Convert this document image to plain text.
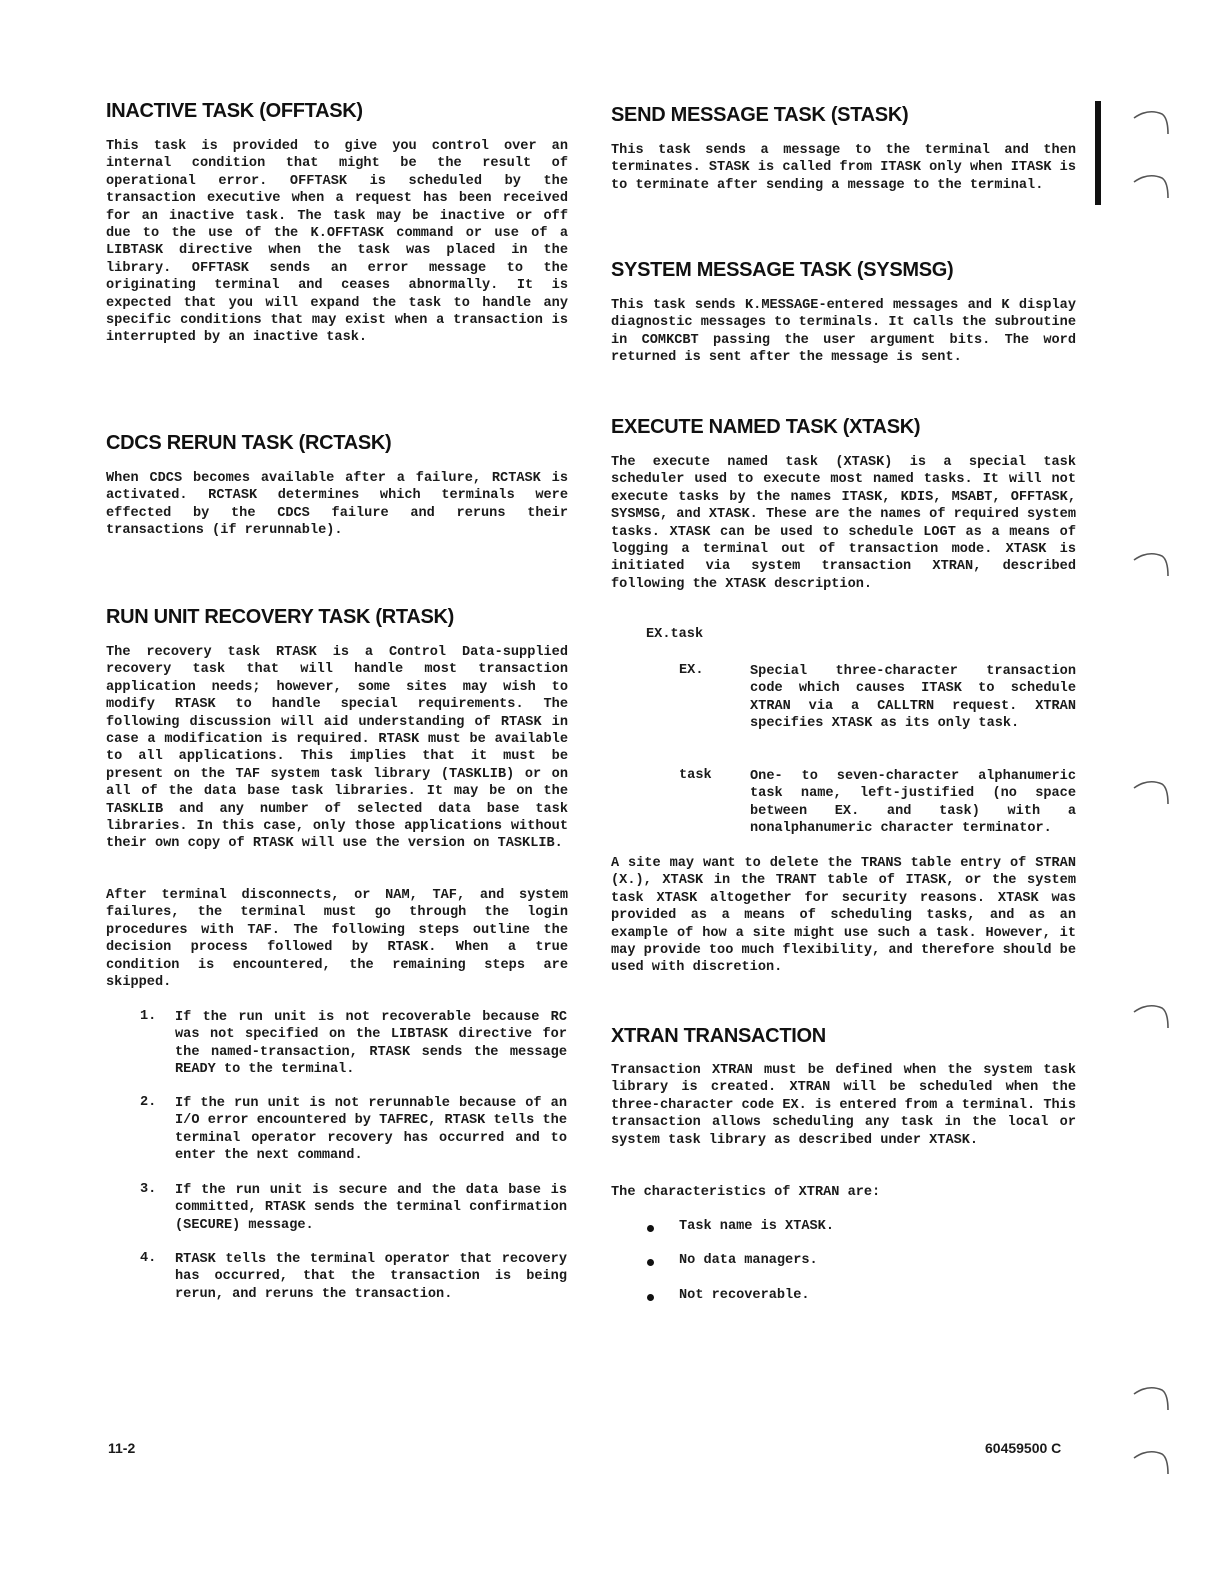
INACTIVE TASK (OFFTASK)

This task is provided to give you control over an internal condition that might be the result of operational error. OFFTASK is scheduled by the transaction executive when a request has been received for an inactive task. The task may be inactive or off due to the use of the K.OFFTASK command or use of a LIBTASK directive when the task was placed in the library. OFFTASK sends an error message to the originating terminal and ceases abnormally. It is expected that you will expand the task to handle any specific conditions that may exist when a transaction is interrupted by an inactive task.

CDCS RERUN TASK (RCTASK)

When CDCS becomes available after a failure, RCTASK is activated. RCTASK determines which terminals were effected by the CDCS failure and reruns their transactions (if rerunnable).

RUN UNIT RECOVERY TASK (RTASK)

The recovery task RTASK is a Control Data-supplied recovery task that will handle most transaction application needs; however, some sites may wish to modify RTASK to handle special requirements. The following discussion will aid understanding of RTASK in case a modification is required. RTASK must be available to all applications. This implies that it must be present on the TAF system task library (TASKLIB) or on all of the data base task libraries. It may be on the TASKLIB and any number of selected data base task libraries. In this case, only those applications without their own copy of RTASK will use the version on TASKLIB.

After terminal disconnects, or NAM, TAF, and system failures, the terminal must go through the login procedures with TAF. The following steps outline the decision process followed by RTASK. When a true condition is encountered, the remaining steps are skipped.

1. If the run unit is not recoverable because RC was not specified on the LIBTASK directive for the named-transaction, RTASK sends the message READY to the terminal.

2. If the run unit is not rerunnable because of an I/O error encountered by TAFREC, RTASK tells the terminal operator recovery has occurred and to enter the next command.

3. If the run unit is secure and the data base is committed, RTASK sends the terminal confirmation (SECURE) message.

4. RTASK tells the terminal operator that recovery has occurred, that the transaction is being rerun, and reruns the transaction.

SEND MESSAGE TASK (STASK)

This task sends a message to the terminal and then terminates. STASK is called from ITASK only when ITASK is to terminate after sending a message to the terminal.

SYSTEM MESSAGE TASK (SYSMSG)

This task sends K.MESSAGE-entered messages and K display diagnostic messages to terminals. It calls the subroutine in COMKCBT passing the user argument bits. The word returned is sent after the message is sent.

EXECUTE NAMED TASK (XTASK)

The execute named task (XTASK) is a special task scheduler used to execute most named tasks. It will not execute tasks by the names ITASK, KDIS, MSABT, OFFTASK, SYSMSG, and XTASK. These are the names of required system tasks. XTASK can be used to schedule LOGT as a means of logging a terminal out of transaction mode. XTASK is initiated via system transaction XTRAN, described following the XTASK description.

EX.task
EX.	Special three-character transaction code which causes ITASK to schedule XTRAN via a CALLTRN request. XTRAN specifies XTASK as its only task.

task	One- to seven-character alphanumeric task name, left-justified (no space between EX. and task) with a nonalphanumeric character terminator.

A site may want to delete the TRANS table entry of STRAN (X.), XTASK in the TRANT table of ITASK, or the system task XTASK altogether for security reasons. XTASK was provided as a means of scheduling tasks, and as an example of how a site might use such a task. However, it may provide too much flexibility, and therefore should be used with discretion.

XTRAN TRANSACTION

Transaction XTRAN must be defined when the system task library is created. XTRAN will be scheduled when the three-character code EX. is entered from a terminal. This transaction allows scheduling any task in the local or system task library as described under XTASK.

The characteristics of XTRAN are:

Task name is XTASK.
No data managers.
Not recoverable.
11-2	60459500 C
